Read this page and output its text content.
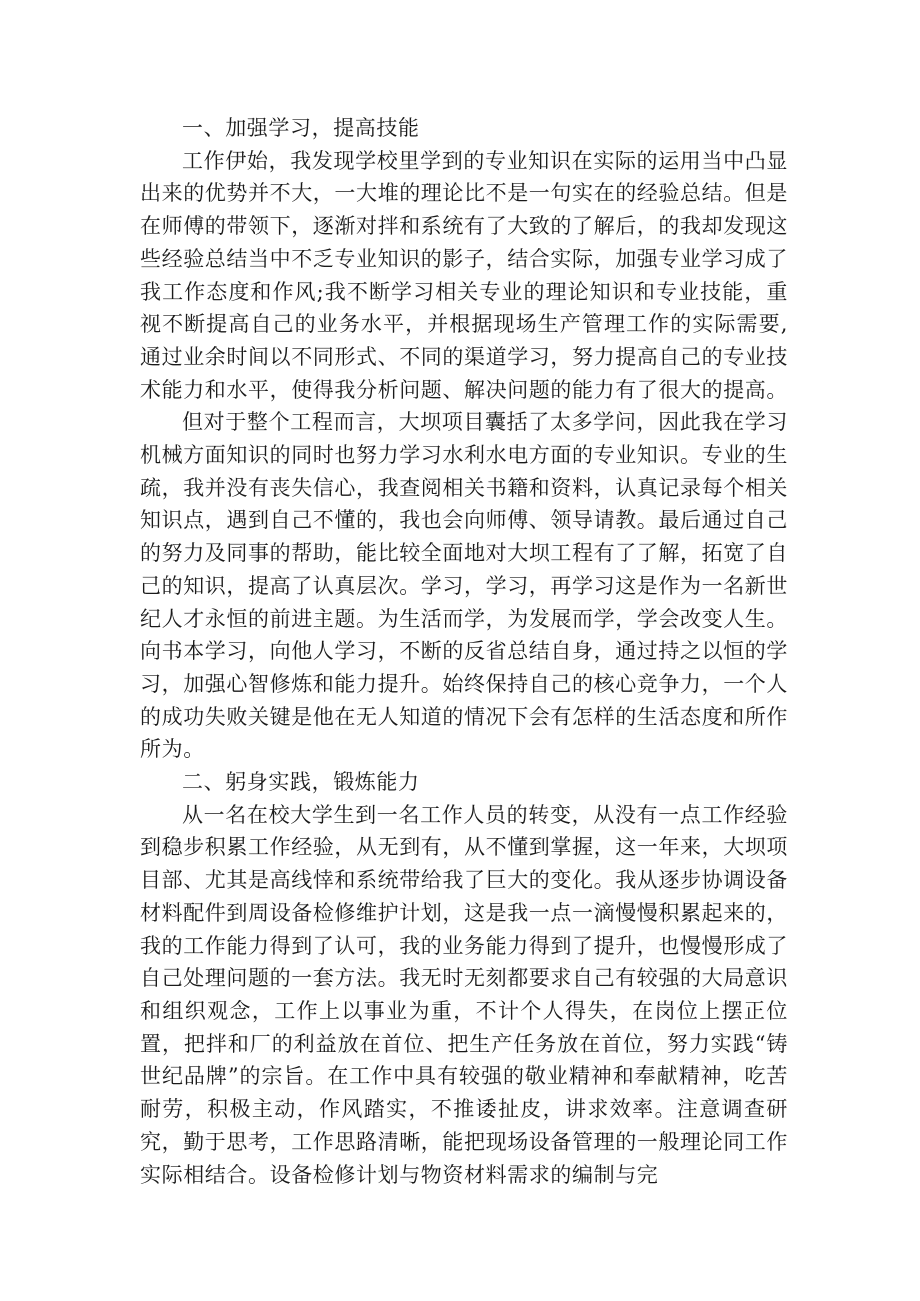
一、加强学习，提高技能

工作伊始，我发现学校里学到的专业知识在实际的运用当中凸显出来的优势并不大，一大堆的理论比不是一句实在的经验总结。但是在师傅的带领下，逐渐对拌和系统有了大致的了解后，的我却发现这些经验总结当中不乏专业知识的影子，结合实际，加强专业学习成了我工作态度和作风;我不断学习相关专业的理论知识和专业技能，重视不断提高自己的业务水平，并根据现场生产管理工作的实际需要,通过业余时间以不同形式、不同的渠道学习，努力提高自己的专业技术能力和水平，使得我分析问题、解决问题的能力有了很大的提高。

但对于整个工程而言，大坝项目囊括了太多学问，因此我在学习机械方面知识的同时也努力学习水利水电方面的专业知识。专业的生疏，我并没有丧失信心，我查阅相关书籍和资料，认真记录每个相关知识点，遇到自己不懂的，我也会向师傅、领导请教。最后通过自己的努力及同事的帮助，能比较全面地对大坝工程有了了解，拓宽了自己的知识，提高了认真层次。学习，学习，再学习这是作为一名新世纪人才永恒的前进主题。为生活而学，为发展而学，学会改变人生。向书本学习，向他人学习，不断的反省总结自身，通过持之以恒的学习，加强心智修炼和能力提升。始终保持自己的核心竞争力，一个人的成功失败关键是他在无人知道的情况下会有怎样的生活态度和所作所为。

二、躬身实践，锻炼能力

从一名在校大学生到一名工作人员的转变，从没有一点工作经验到稳步积累工作经验，从无到有，从不懂到掌握，这一年来，大坝项目部、尤其是高线悻和系统带给我了巨大的变化。我从逐步协调设备材料配件到周设备检修维护计划，这是我一点一滴慢慢积累起来的，我的工作能力得到了认可，我的业务能力得到了提升，也慢慢形成了自己处理问题的一套方法。我无时无刻都要求自己有较强的大局意识和组织观念，工作上以事业为重，不计个人得失，在岗位上摆正位置，把拌和厂的利益放在首位、把生产任务放在首位，努力实践“铸世纪品牌”的宗旨。在工作中具有较强的敬业精神和奉献精神，吃苦耐劳，积极主动，作风踏实，不推诿扯皮，讲求效率。注意调查研究，勤于思考，工作思路清晰，能把现场设备管理的一般理论同工作实际相结合。设备检修计划与物资材料需求的编制与完
